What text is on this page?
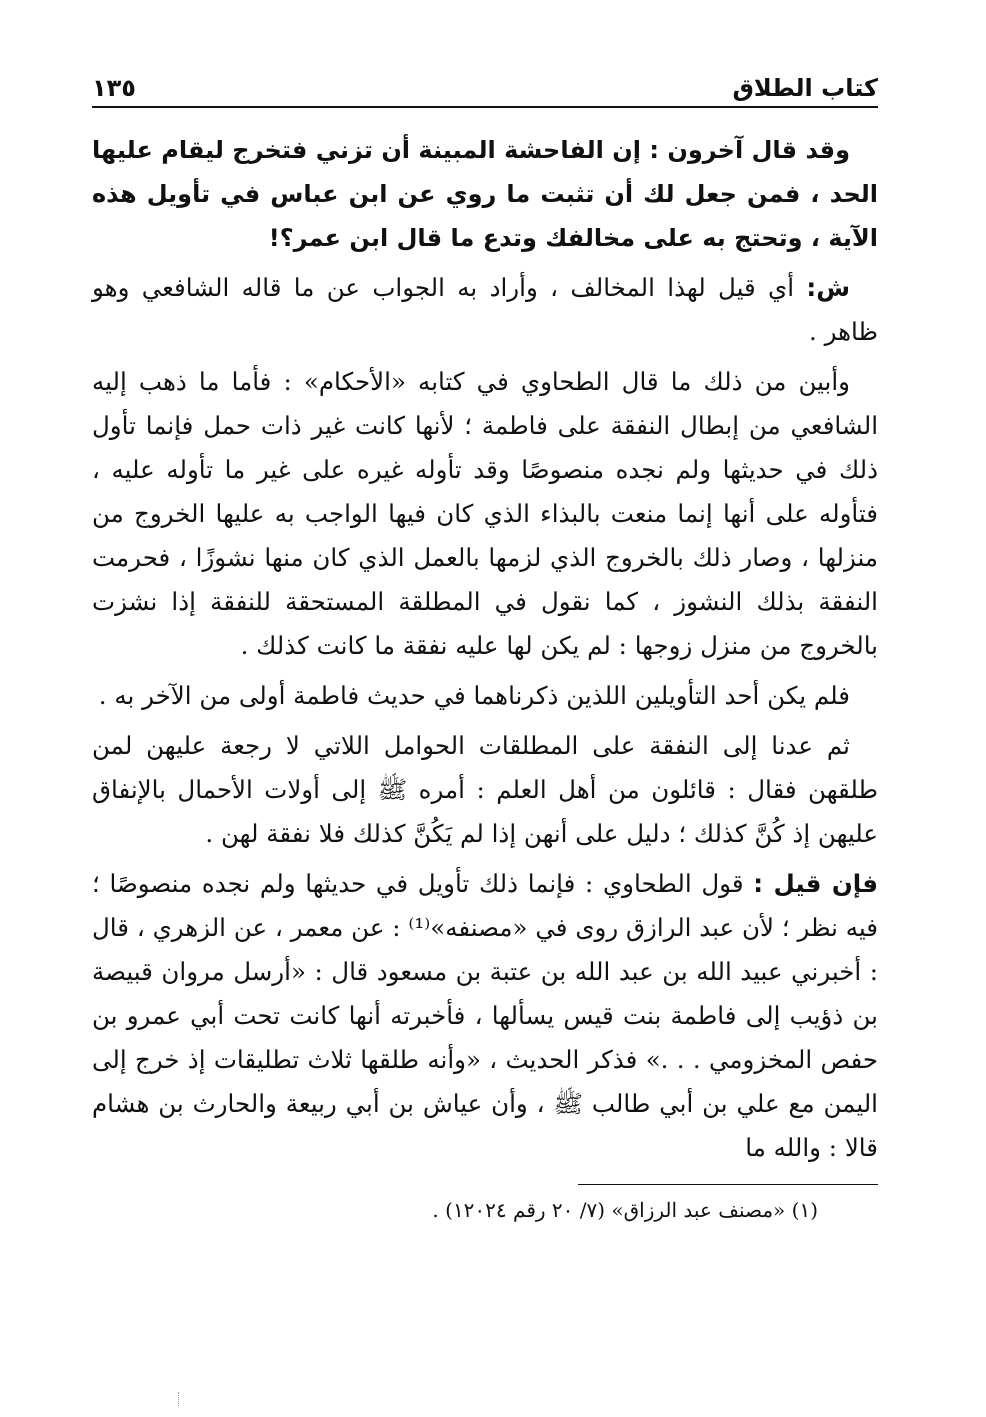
كتاب الطلاق
١٣٥

وقد قال آخرون : إن الفاحشة المبينة أن تزني فتخرج ليقام عليها الحد ، فمن جعل لك أن تثبت ما روي عن ابن عباس في تأويل هذه الآية ، وتحتج به على مخالفك وتدع ما قال ابن عمر؟!

ش: أي قيل لهذا المخالف ، وأراد به الجواب عن ما قاله الشافعي وهو ظاهر .

وأبين من ذلك ما قال الطحاوي في كتابه «الأحكام» : فأما ما ذهب إليه الشافعي من إبطال النفقة على فاطمة ؛ لأنها كانت غير ذات حمل فإنما تأول ذلك في حديثها ولم نجده منصوصًا وقد تأوله غيره على غير ما تأوله عليه ، فتأوله على أنها إنما منعت بالبذاء الذي كان فيها الواجب به عليها الخروج من منزلها ، وصار ذلك بالخروج الذي لزمها بالعمل الذي كان منها نشوزًا ، فحرمت النفقة بذلك النشوز ، كما نقول في المطلقة المستحقة للنفقة إذا نشزت بالخروج من منزل زوجها : لم يكن لها عليه نفقة ما كانت كذلك .

فلم يكن أحد التأويلين اللذين ذكرناهما في حديث فاطمة أولى من الآخر به .

ثم عدنا إلى النفقة على المطلقات الحوامل اللاتي لا رجعة عليهن لمن طلقهن فقال : قائلون من أهل العلم : أمره ﷺ إلى أولات الأحمال بالإنفاق عليهن إذ كُنَّ كذلك ؛ دليل على أنهن إذا لم يَكُنَّ كذلك فلا نفقة لهن .

فإن قيل : قول الطحاوي : فإنما ذلك تأويل في حديثها ولم نجده منصوصًا ؛ فيه نظر ؛ لأن عبد الرازق روى في «مصنفه»⁽¹⁾ : عن معمر ، عن الزهري ، قال : أخبرني عبيد الله بن عبد الله بن عتبة بن مسعود قال : «أرسل مروان قبيصة بن ذؤيب إلى فاطمة بنت قيس يسألها ، فأخبرته أنها كانت تحت أبي عمرو بن حفص المخزومي . . .» فذكر الحديث ، «وأنه طلقها ثلاث تطليقات إذ خرج إلى اليمن مع علي بن أبي طالب ﷺ ، وأن عياش بن أبي ربيعة والحارث بن هشام قالا : والله ما

(١) «مصنف عبد الرزاق» (٧/ ٢٠ رقم ١٢٠٢٤) .
